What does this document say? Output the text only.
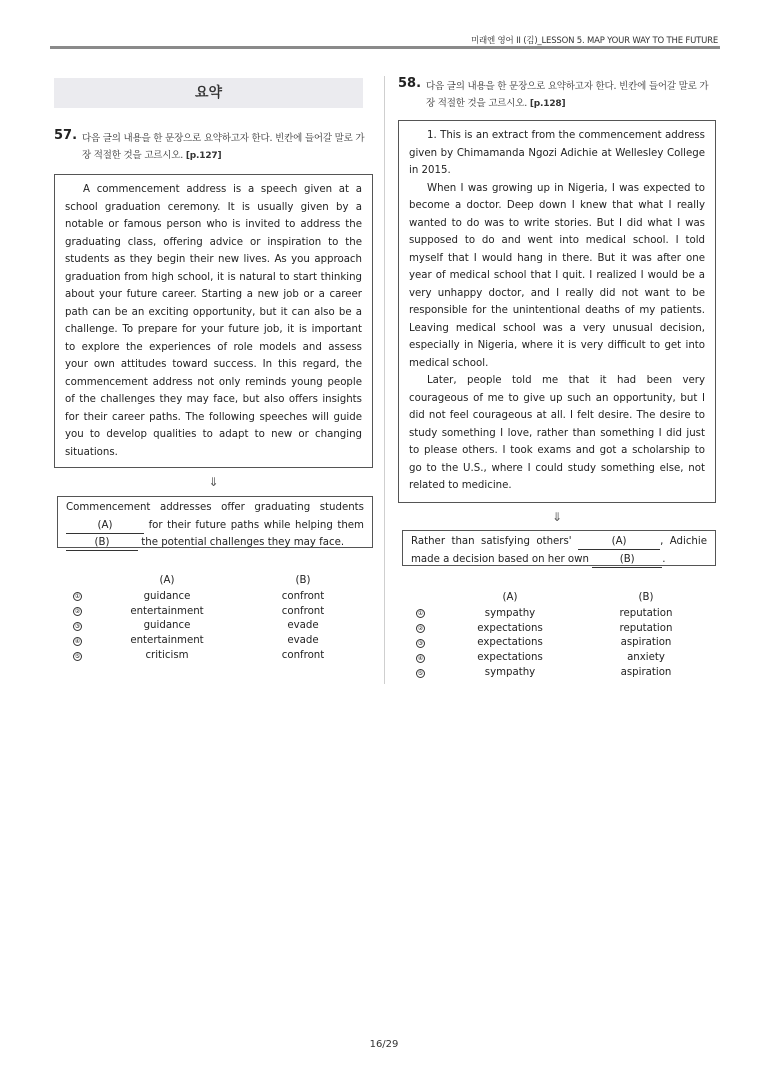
미래엔 영어 II (김)_LESSON 5. MAP YOUR WAY TO THE FUTURE
요약
57. 다음 글의 내용을 한 문장으로 요약하고자 한다. 빈칸에 들어갈 말로 가장 적절한 것을 고르시오. [p.127]

A commencement address is a speech given at a school graduation ceremony. It is usually given by a notable or famous person who is invited to address the graduating class, offering advice or inspiration to the students as they begin their new lives. As you approach graduation from high school, it is natural to start thinking about your future career. Starting a new job or a career path can be an exciting opportunity, but it can also be a challenge. To prepare for your future job, it is important to explore the experiences of role models and assess your own attitudes toward success. In this regard, the commencement address not only reminds young people of the challenges they may face, but also offers insights for their career paths. The following speeches will guide you to develop qualities to adapt to new or changing situations.

⇓
Commencement addresses offer graduating students (A)	for their future paths while helping them (B)	the potential challenges they may face.
(A)	(B)
①	guidance	confront
②	entertainment	confront
③	guidance	evade
④	entertainment	evade
⑤	criticism	confront
58. 다음 글의 내용을 한 문장으로 요약하고자 한다. 빈칸에 들어갈 말로 가장 적절한 것을 고르시오. [p.128]

1. This is an extract from the commencement address given by Chimamanda Ngozi Adichie at Wellesley College in 2015.

When I was growing up in Nigeria, I was expected to become a doctor. Deep down I knew that what I really wanted to do was to write stories. But I did what I was supposed to do and went into medical school. I told myself that I would hang in there. But it was after one year of medical school that I quit. I realized I would be a very unhappy doctor, and I really did not want to be responsible for the unintentional deaths of my patients. Leaving medical school was a very unusual decision, especially in Nigeria, where it is very difficult to get into medical school.

Later, people told me that it had been very courageous of me to give up such an opportunity, but I did not feel courageous at all. I felt desire. The desire to study something I love, rather than something I did just to please others. I took exams and got a scholarship to go to the U.S., where I could study something else, not related to medicine.

⇓
Rather than satisfying others'	(A)	, Adichie made a decision based on her own	(B)	.
(A)	(B)
①	sympathy	reputation
②	expectations	reputation
③	expectations	aspiration
④	expectations	anxiety
⑤	sympathy	aspiration
16/29
